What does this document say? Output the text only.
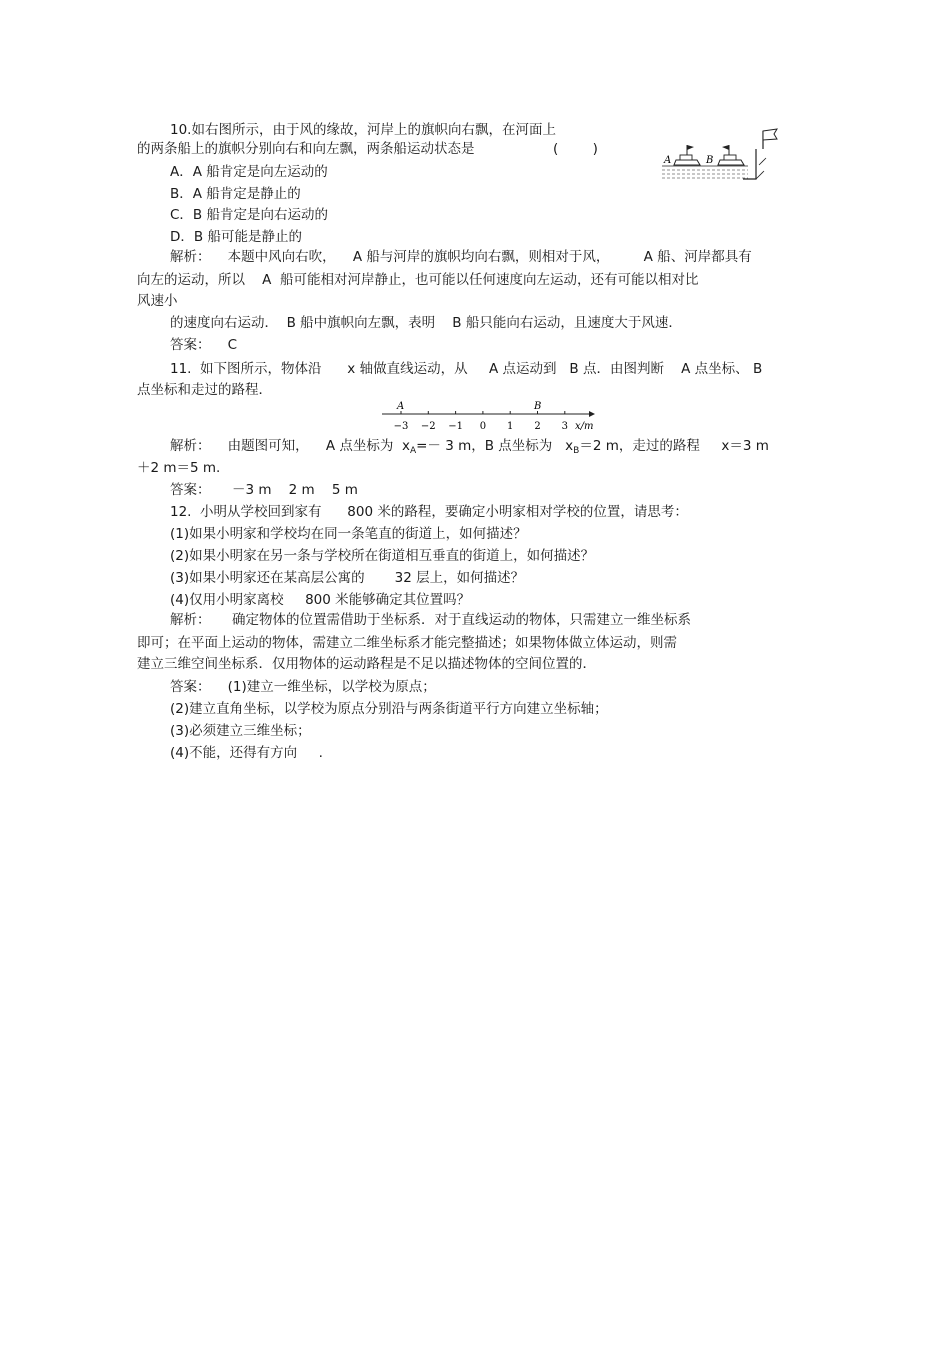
10.如右图所示，由于风的缘故，河岸上的旗帜向右飘，在河面上
的两条船上的旗帜分别向右和向左飘，两条船运动状态是	(        )
A．A 船肯定是向左运动的
B．A 船肯定是静止的
C．B 船肯定是向右运动的
D．B 船可能是静止的
解析：    本题中风向右吹，    A 船与河岸的旗帜均向右飘，则相对于风，        A 船、河岸都具有
向左的运动，所以    A  船可能相对河岸静止，也可能以任何速度向左运动，还有可能以相对比
风速小
的速度向右运动．  B 船中旗帜向左飘，表明    B 船只能向右运动，且速度大于风速．
答案：    C
A	B
11.  如下图所示，物体沿      x 轴做直线运动，从     A 点运动到   B 点．由图判断    A 点坐标、 B
点坐标和走过的路程．
−3 −2 −1 0 1 2 3 x/m
A	B
解析：    由题图可知，    A 点坐标为  $x_A=- 3$ m，B 点坐标为   $x_B=2$ m，走过的路程     x＝3 m
＋2 m＝5 m.
答案：     －3 m    2 m    5 m
12.  小明从学校回到家有      800 米的路程，要确定小明家相对学校的位置，请思考：
(1)如果小明家和学校均在同一条笔直的街道上，如何描述？
(2)如果小明家在另一条与学校所在街道相互垂直的街道上，如何描述？
(3)如果小明家还在某高层公寓的       32 层上，如何描述？
(4)仅用小明家离校     800 米能够确定其位置吗？
解析：     确定物体的位置需借助于坐标系．对于直线运动的物体，只需建立一维坐标系
即可；在平面上运动的物体，需建立二维坐标系才能完整描述；如果物体做立体运动，则需
建立三维空间坐标系．仅用物体的运动路程是不足以描述物体的空间位置的．
答案：    (1)建立一维坐标，以学校为原点；
(2)建立直角坐标，以学校为原点分别沿与两条街道平行方向建立坐标轴；
(3)必须建立三维坐标；
(4)不能，还得有方向     .
